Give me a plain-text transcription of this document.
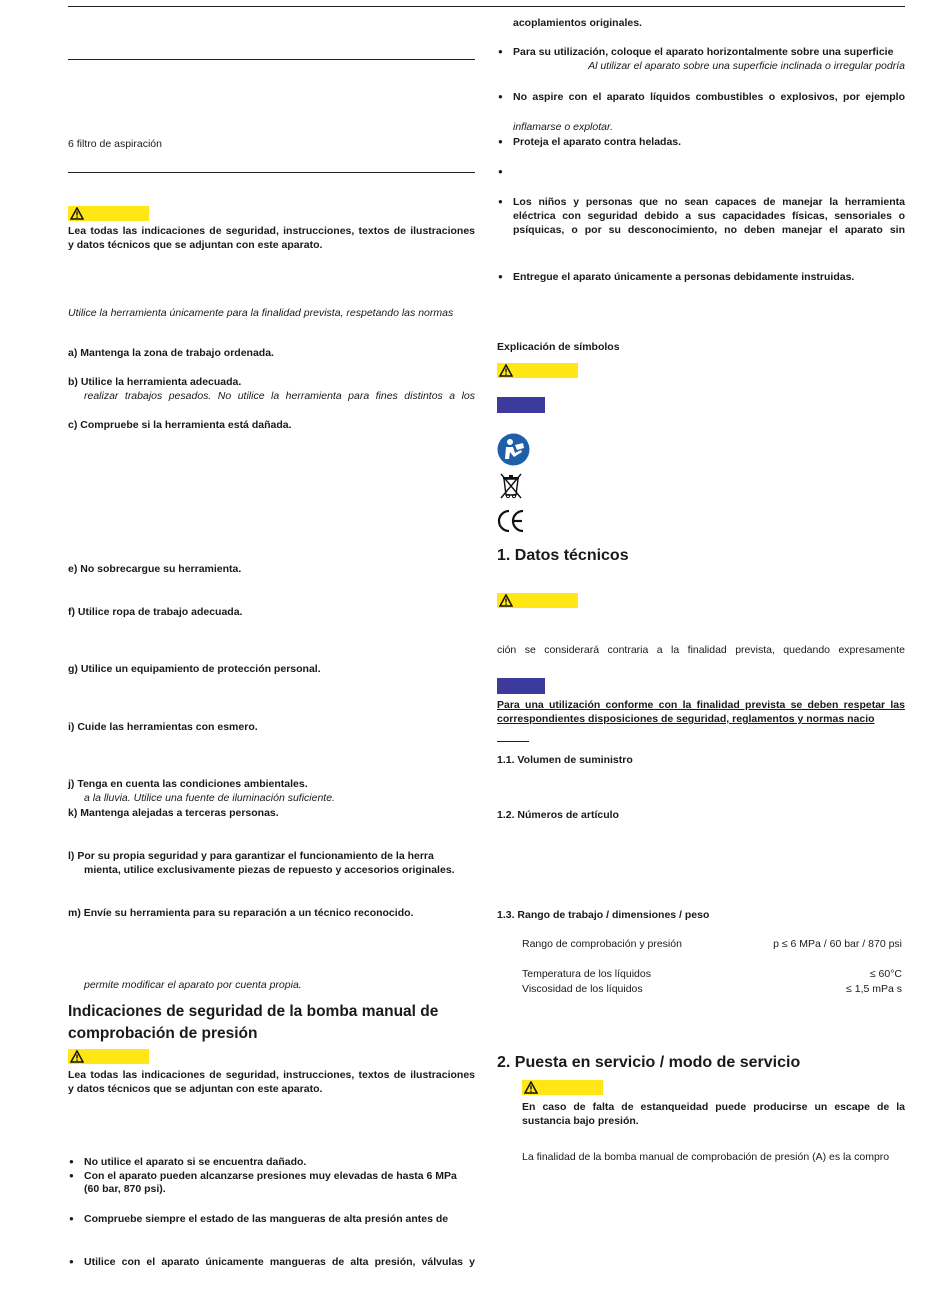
6 filtro de aspiración
Lea todas las indicaciones de seguridad, instrucciones, textos de ilustraciones
y datos técnicos que se adjuntan con este aparato.
Utilice la herramienta únicamente para la finalidad prevista, respetando las normas
a) Mantenga la zona de trabajo ordenada.
b) Utilice la herramienta adecuada.
realizar trabajos pesados. No utilice la herramienta para fines distintos a los
c) Compruebe si la herramienta está dañada.
e) No sobrecargue su herramienta.
f) Utilice ropa de trabajo adecuada.
g) Utilice un equipamiento de protección personal.
i) Cuide las herramientas con esmero.
j) Tenga en cuenta las condiciones ambientales.
a la lluvia. Utilice una fuente de iluminación suficiente.
k) Mantenga alejadas a terceras personas.
l) Por su propia seguridad y para garantizar el funcionamiento de la herra
mienta, utilice exclusivamente piezas de repuesto y accesorios originales.
m) Envíe su herramienta para su reparación a un técnico reconocido.
permite modificar el aparato por cuenta propia.
Indicaciones de seguridad de la bomba manual de
comprobación de presión
Lea todas las indicaciones de seguridad, instrucciones, textos de ilustraciones
y datos técnicos que se adjuntan con este aparato.
● No utilice el aparato si se encuentra dañado.
● Con el aparato pueden alcanzarse presiones muy elevadas de hasta 6 MPa
(60 bar, 870 psi).
● Compruebe siempre el estado de las mangueras de alta presión antes de
● Utilice con el aparato únicamente mangueras de alta presión, válvulas y
acoplamientos originales.
● Para su utilización, coloque el aparato horizontalmente sobre una superficie
Al utilizar el aparato sobre una superficie inclinada o irregular podría
● No aspire con el aparato líquidos combustibles o explosivos, por ejemplo
inflamarse o explotar.
● Proteja el aparato contra heladas.
● Los niños y personas que no sean capaces de manejar la herramienta
eléctrica con seguridad debido a sus capacidades físicas, sensoriales o
psíquicas, o por su desconocimiento, no deben manejar el aparato sin
● Entregue el aparato únicamente a personas debidamente instruidas.
Explicación de símbolos
1. Datos técnicos
ción se considerará contraria a la finalidad prevista, quedando expresamente
Para una utilización conforme con la finalidad prevista se deben respetar las
correspondientes disposiciones de seguridad, reglamentos y normas nacio
1.1. Volumen de suministro
1.2. Números de artículo
1.3. Rango de trabajo / dimensiones / peso
Rango de comprobación y presión	p ≤ 6 MPa / 60 bar / 870 psi
Temperatura de los líquidos	≤ 60°C
Viscosidad de los líquidos	≤ 1,5 mPa s
2. Puesta en servicio / modo de servicio
En caso de falta de estanqueidad puede producirse un escape de la
sustancia bajo presión.
La finalidad de la bomba manual de comprobación de presión (A) es la compro
